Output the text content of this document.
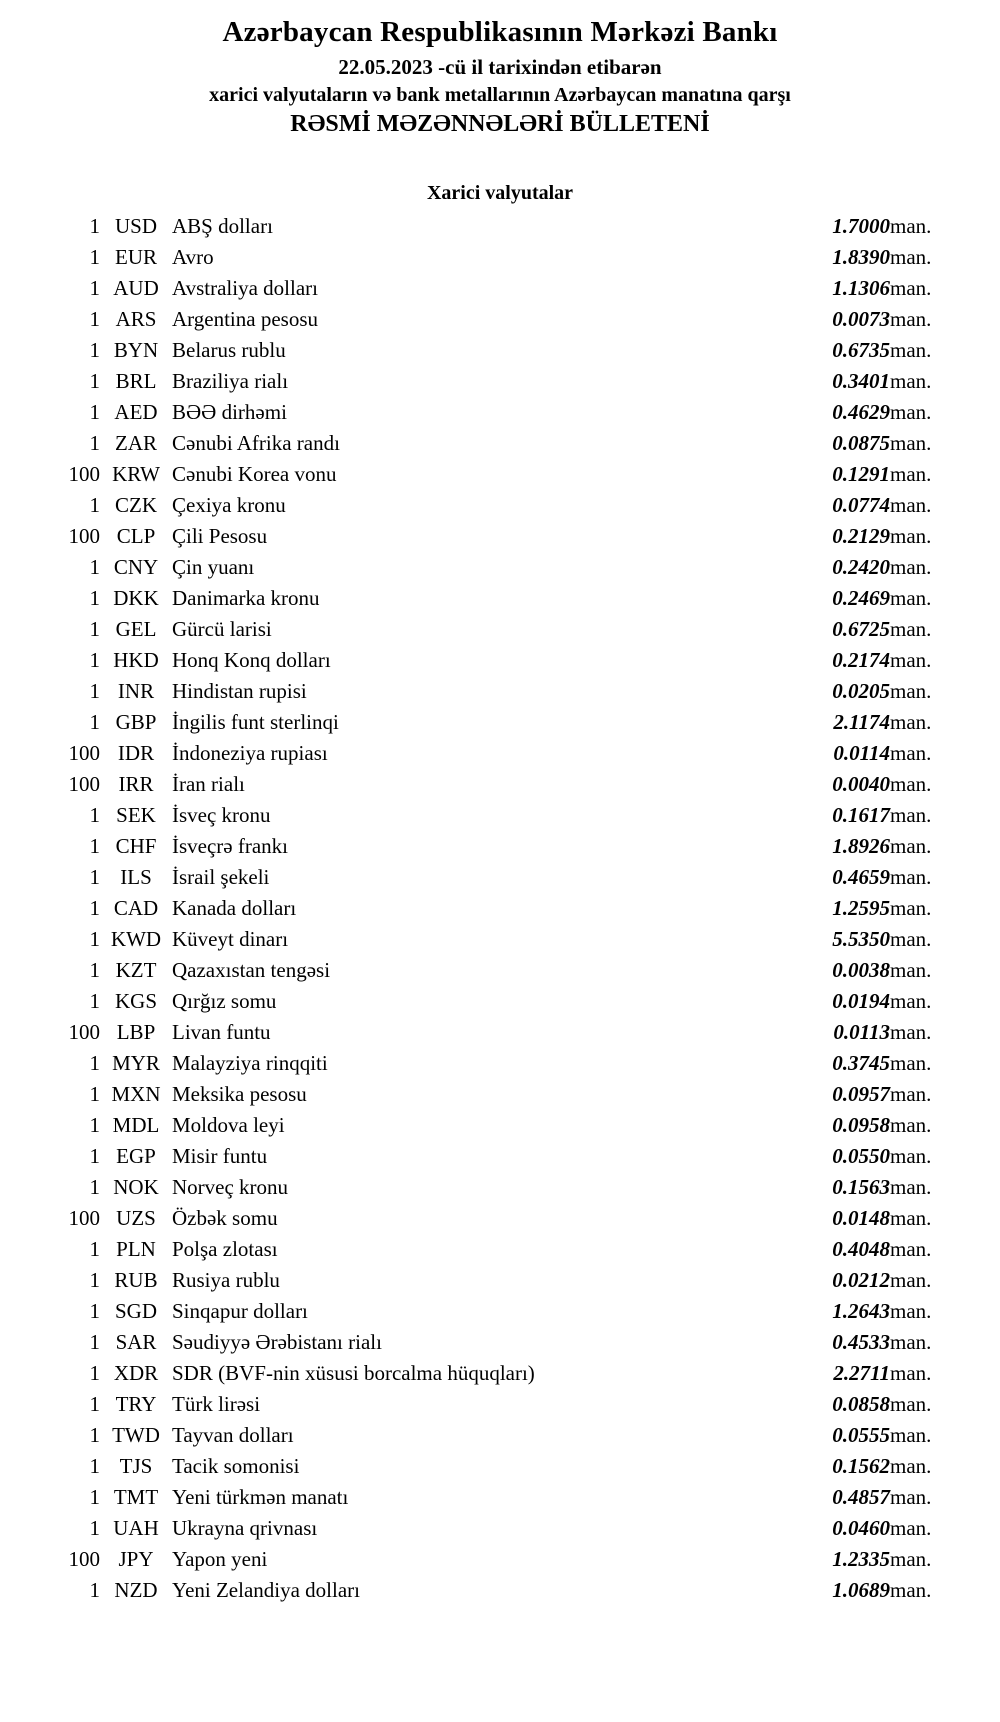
Azərbaycan Respublikasının Mərkəzi Bankı
22.05.2023 -cü il tarixindən etibarən
xarici valyutaların və bank metallarının Azərbaycan manatına qarşı
RƏSMİ MƏZƏNNƏLƏRİ BÜLLETENİ
Xarici valyutalar
1	USD	ABŞ dolları	1.7000	man.
1	EUR	Avro	1.8390	man.
1	AUD	Avstraliya dolları	1.1306	man.
1	ARS	Argentina pesosu	0.0073	man.
1	BYN	Belarus rublu	0.6735	man.
1	BRL	Braziliya rialı	0.3401	man.
1	AED	BƏƏ dirhəmi	0.4629	man.
1	ZAR	Cənubi Afrika randı	0.0875	man.
100	KRW	Cənubi Korea vonu	0.1291	man.
1	CZK	Çexiya kronu	0.0774	man.
100	CLP	Çili Pesosu	0.2129	man.
1	CNY	Çin yuanı	0.2420	man.
1	DKK	Danimarka kronu	0.2469	man.
1	GEL	Gürcü larisi	0.6725	man.
1	HKD	Honq Konq dolları	0.2174	man.
1	INR	Hindistan rupisi	0.0205	man.
1	GBP	İngilis funt sterlinqi	2.1174	man.
100	IDR	İndoneziya rupiası	0.0114	man.
100	IRR	İran rialı	0.0040	man.
1	SEK	İsveç kronu	0.1617	man.
1	CHF	İsveçrə frankı	1.8926	man.
1	ILS	İsrail şekeli	0.4659	man.
1	CAD	Kanada dolları	1.2595	man.
1	KWD	Küveyt dinarı	5.5350	man.
1	KZT	Qazaxıstan tengəsi	0.0038	man.
1	KGS	Qırğız somu	0.0194	man.
100	LBP	Livan funtu	0.0113	man.
1	MYR	Malayziya rinqqiti	0.3745	man.
1	MXN	Meksika pesosu	0.0957	man.
1	MDL	Moldova leyi	0.0958	man.
1	EGP	Misir funtu	0.0550	man.
1	NOK	Norveç kronu	0.1563	man.
100	UZS	Özbək somu	0.0148	man.
1	PLN	Polşa zlotası	0.4048	man.
1	RUB	Rusiya rublu	0.0212	man.
1	SGD	Sinqapur dolları	1.2643	man.
1	SAR	Səudiyyə Ərəbistanı rialı	0.4533	man.
1	XDR	SDR (BVF-nin xüsusi borcalma hüquqları)	2.2711	man.
1	TRY	Türk lirəsi	0.0858	man.
1	TWD	Tayvan dolları	0.0555	man.
1	TJS	Tacik somonisi	0.1562	man.
1	TMT	Yeni türkmən manatı	0.4857	man.
1	UAH	Ukrayna qrivnası	0.0460	man.
100	JPY	Yapon yeni	1.2335	man.
1	NZD	Yeni Zelandiya dolları	1.0689	man.
